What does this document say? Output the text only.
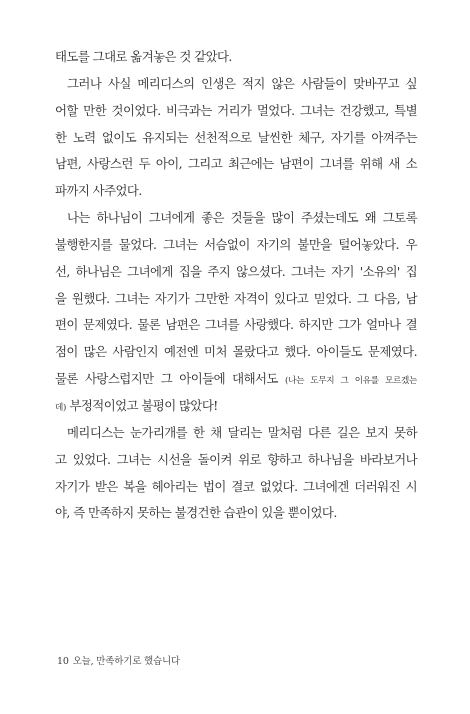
태도를 그대로 옮겨놓은 것 같았다.
그러나 사실 메리디스의 인생은 적지 않은 사람들이 맞바꾸고 싶
어할 만한 것이었다. 비극과는 거리가 멀었다. 그녀는 건강했고, 특별
한 노력 없이도 유지되는 선천적으로 날씬한 체구, 자기를 아껴주는
남편, 사랑스런 두 아이, 그리고 최근에는 남편이 그녀를 위해 새 소
파까지 사주었다.
나는 하나님이 그녀에게 좋은 것들을 많이 주셨는데도 왜 그토록
불행한지를 물었다. 그녀는 서슴없이 자기의 불만을 털어놓았다. 우
선, 하나님은 그녀에게 집을 주지 않으셨다. 그녀는 자기 '소유의' 집
을 원했다. 그녀는 자기가 그만한 자격이 있다고 믿었다. 그 다음, 남
편이 문제였다. 물론 남편은 그녀를 사랑했다. 하지만 그가 얼마나 결
점이 많은 사람인지 예전엔 미처 몰랐다고 했다. 아이들도 문제였다.
물론 사랑스럽지만 그 아이들에 대해서도 (나는 도무지 그 이유를 모르겠는
데) 부정적이었고 불평이 많았다!
메리디스는 눈가리개를 한 채 달리는 말처럼 다른 길은 보지 못하
고 있었다. 그녀는 시선을 돌이켜 위로 향하고 하나님을 바라보거나
자기가 받은 복을 헤아리는 법이 결코 없었다. 그녀에겐 더러워진 시
야, 즉 만족하지 못하는 불경건한 습관이 있을 뿐이었다.
10 오늘, 만족하기로 했습니다
